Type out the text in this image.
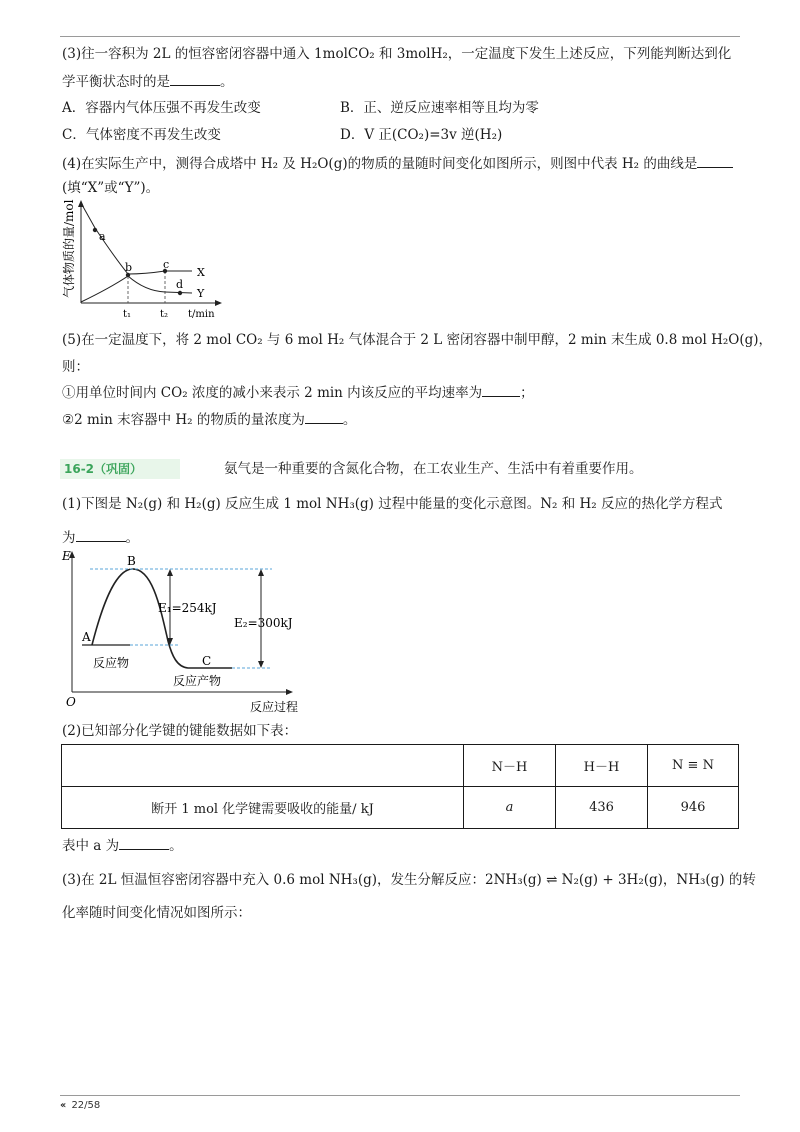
(3)往一容积为 2L 的恒容密闭容器中通入 1molCO₂ 和 3molH₂，一定温度下发生上述反应，下列能判断达到化
学平衡状态时的是	。
A．容器内气体压强不再发生改变	B．正、逆反应速率相等且均为零
C．气体密度不再发生改变	D．V 正(CO₂)=3v 逆(H₂)
(4)在实际生产中，测得合成塔中 H₂ 及 H₂O(g)的物质的量随时间变化如图所示，则图中代表 H₂ 的曲线是
(填“X”或“Y”)。
气体物质的量/mol a
b	c
d
X
Y
t₁	t₂ t/min
(5)在一定温度下，将 2 mol CO₂ 与 6 mol H₂ 气体混合于 2 L 密闭容器中制甲醇，2 min 末生成 0.8 mol H₂O(g)，
则：
①用单位时间内 CO₂ 浓度的减小来表示 2 min 内该反应的平均速率为	；
②2 min 末容器中 H₂ 的物质的量浓度为	。
16-2（巩固）	氨气是一种重要的含氮化合物，在工农业生产、生活中有着重要作用。
(1)下图是 N₂(g) 和 H₂(g) 反应生成 1 mol NH₃(g) 过程中能量的变化示意图。N₂ 和 H₂ 反应的热化学方程式
为	。
E
O	反应过程
A
B
C
E₁=254kJ
E₂=300kJ
反应物
反应产物
(2)已知部分化学键的键能数据如下表：
	N－H	H－H	N ≡ N
断开 1 mol 化学键需要吸收的能量/ kJ	a	436	946
表中 a 为	。
(3)在 2L 恒温恒容密闭容器中充入 0.6 mol NH₃(g)，发生分解反应：2NH₃(g) ⇌ N₂(g) + 3H₂(g)，NH₃(g) 的转
化率随时间变化情况如图所示：
‹‹ 22/58
